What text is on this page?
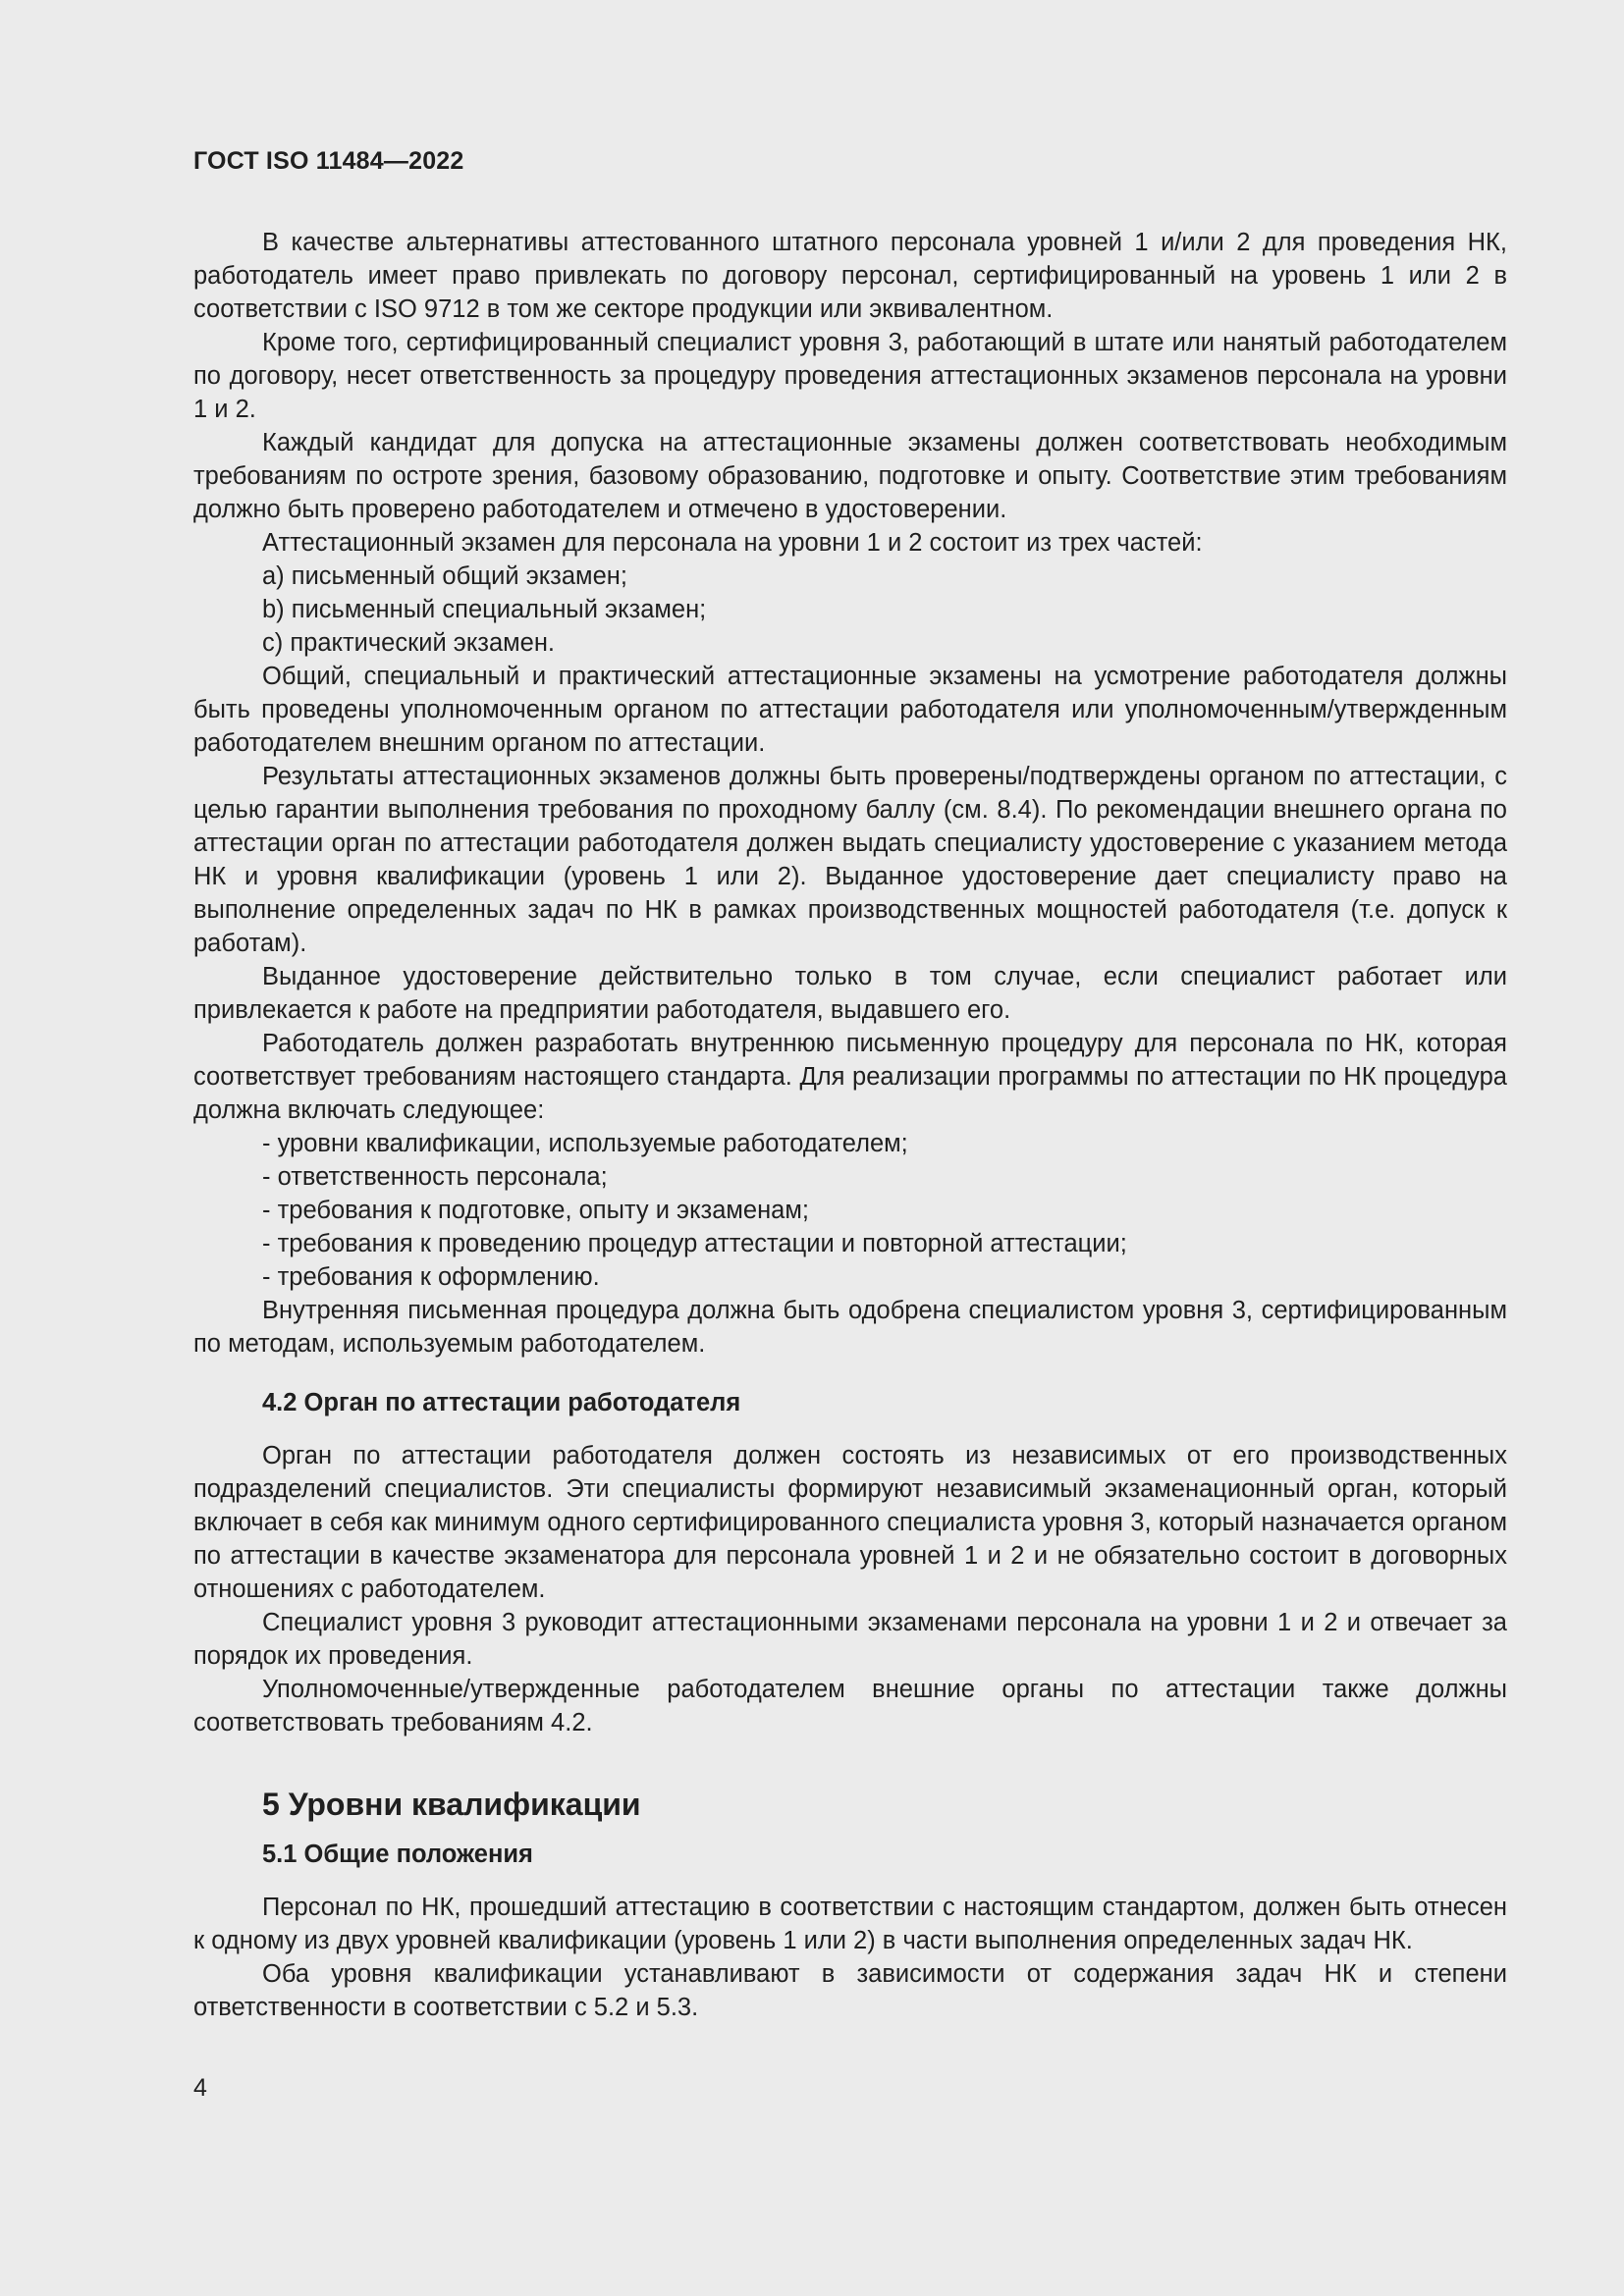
ГОСТ ISO 11484—2022

В качестве альтернативы аттестованного штатного персонала уровней 1 и/или 2 для проведения НК, работодатель имеет право привлекать по договору персонал, сертифицированный на уровень 1 или 2 в соответствии с ISO 9712 в том же секторе продукции или эквивалентном.

Кроме того, сертифицированный специалист уровня 3, работающий в штате или нанятый работодателем по договору, несет ответственность за процедуру проведения аттестационных экзаменов персонала на уровни 1 и 2.

Каждый кандидат для допуска на аттестационные экзамены должен соответствовать необходимым требованиям по остроте зрения, базовому образованию, подготовке и опыту. Соответствие этим требованиям должно быть проверено работодателем и отмечено в удостоверении.

Аттестационный экзамен для персонала на уровни 1 и 2 состоит из трех частей:

a) письменный общий экзамен;

b) письменный специальный экзамен;

c) практический экзамен.

Общий, специальный и практический аттестационные экзамены на усмотрение работодателя должны быть проведены уполномоченным органом по аттестации работодателя или уполномоченным/утвержденным работодателем внешним органом по аттестации.

Результаты аттестационных экзаменов должны быть проверены/подтверждены органом по аттестации, с целью гарантии выполнения требования по проходному баллу (см. 8.4). По рекомендации внешнего органа по аттестации орган по аттестации работодателя должен выдать специалисту удостоверение с указанием метода НК и уровня квалификации (уровень 1 или 2). Выданное удостоверение дает специалисту право на выполнение определенных задач по НК в рамках производственных мощностей работодателя (т.е. допуск к работам).

Выданное удостоверение действительно только в том случае, если специалист работает или привлекается к работе на предприятии работодателя, выдавшего его.

Работодатель должен разработать внутреннюю письменную процедуру для персонала по НК, которая соответствует требованиям настоящего стандарта. Для реализации программы по аттестации по НК процедура должна включать следующее:

- уровни квалификации, используемые работодателем;

- ответственность персонала;

- требования к подготовке, опыту и экзаменам;

- требования к проведению процедур аттестации и повторной аттестации;

- требования к оформлению.

Внутренняя письменная процедура должна быть одобрена специалистом уровня 3, сертифицированным по методам, используемым работодателем.

4.2 Орган по аттестации работодателя

Орган по аттестации работодателя должен состоять из независимых от его производственных подразделений специалистов. Эти специалисты формируют независимый экзаменационный орган, который включает в себя как минимум одного сертифицированного специалиста уровня 3, который назначается органом по аттестации в качестве экзаменатора для персонала уровней 1 и 2 и не обязательно состоит в договорных отношениях с работодателем.

Специалист уровня 3 руководит аттестационными экзаменами персонала на уровни 1 и 2 и отвечает за порядок их проведения.

Уполномоченные/утвержденные работодателем внешние органы по аттестации также должны соответствовать требованиям 4.2.

5 Уровни квалификации
5.1 Общие положения

Персонал по НК, прошедший аттестацию в соответствии с настоящим стандартом, должен быть отнесен к одному из двух уровней квалификации (уровень 1 или 2) в части выполнения определенных задач НК.

Оба уровня квалификации устанавливают в зависимости от содержания задач НК и степени ответственности в соответствии с 5.2 и 5.3.

4
